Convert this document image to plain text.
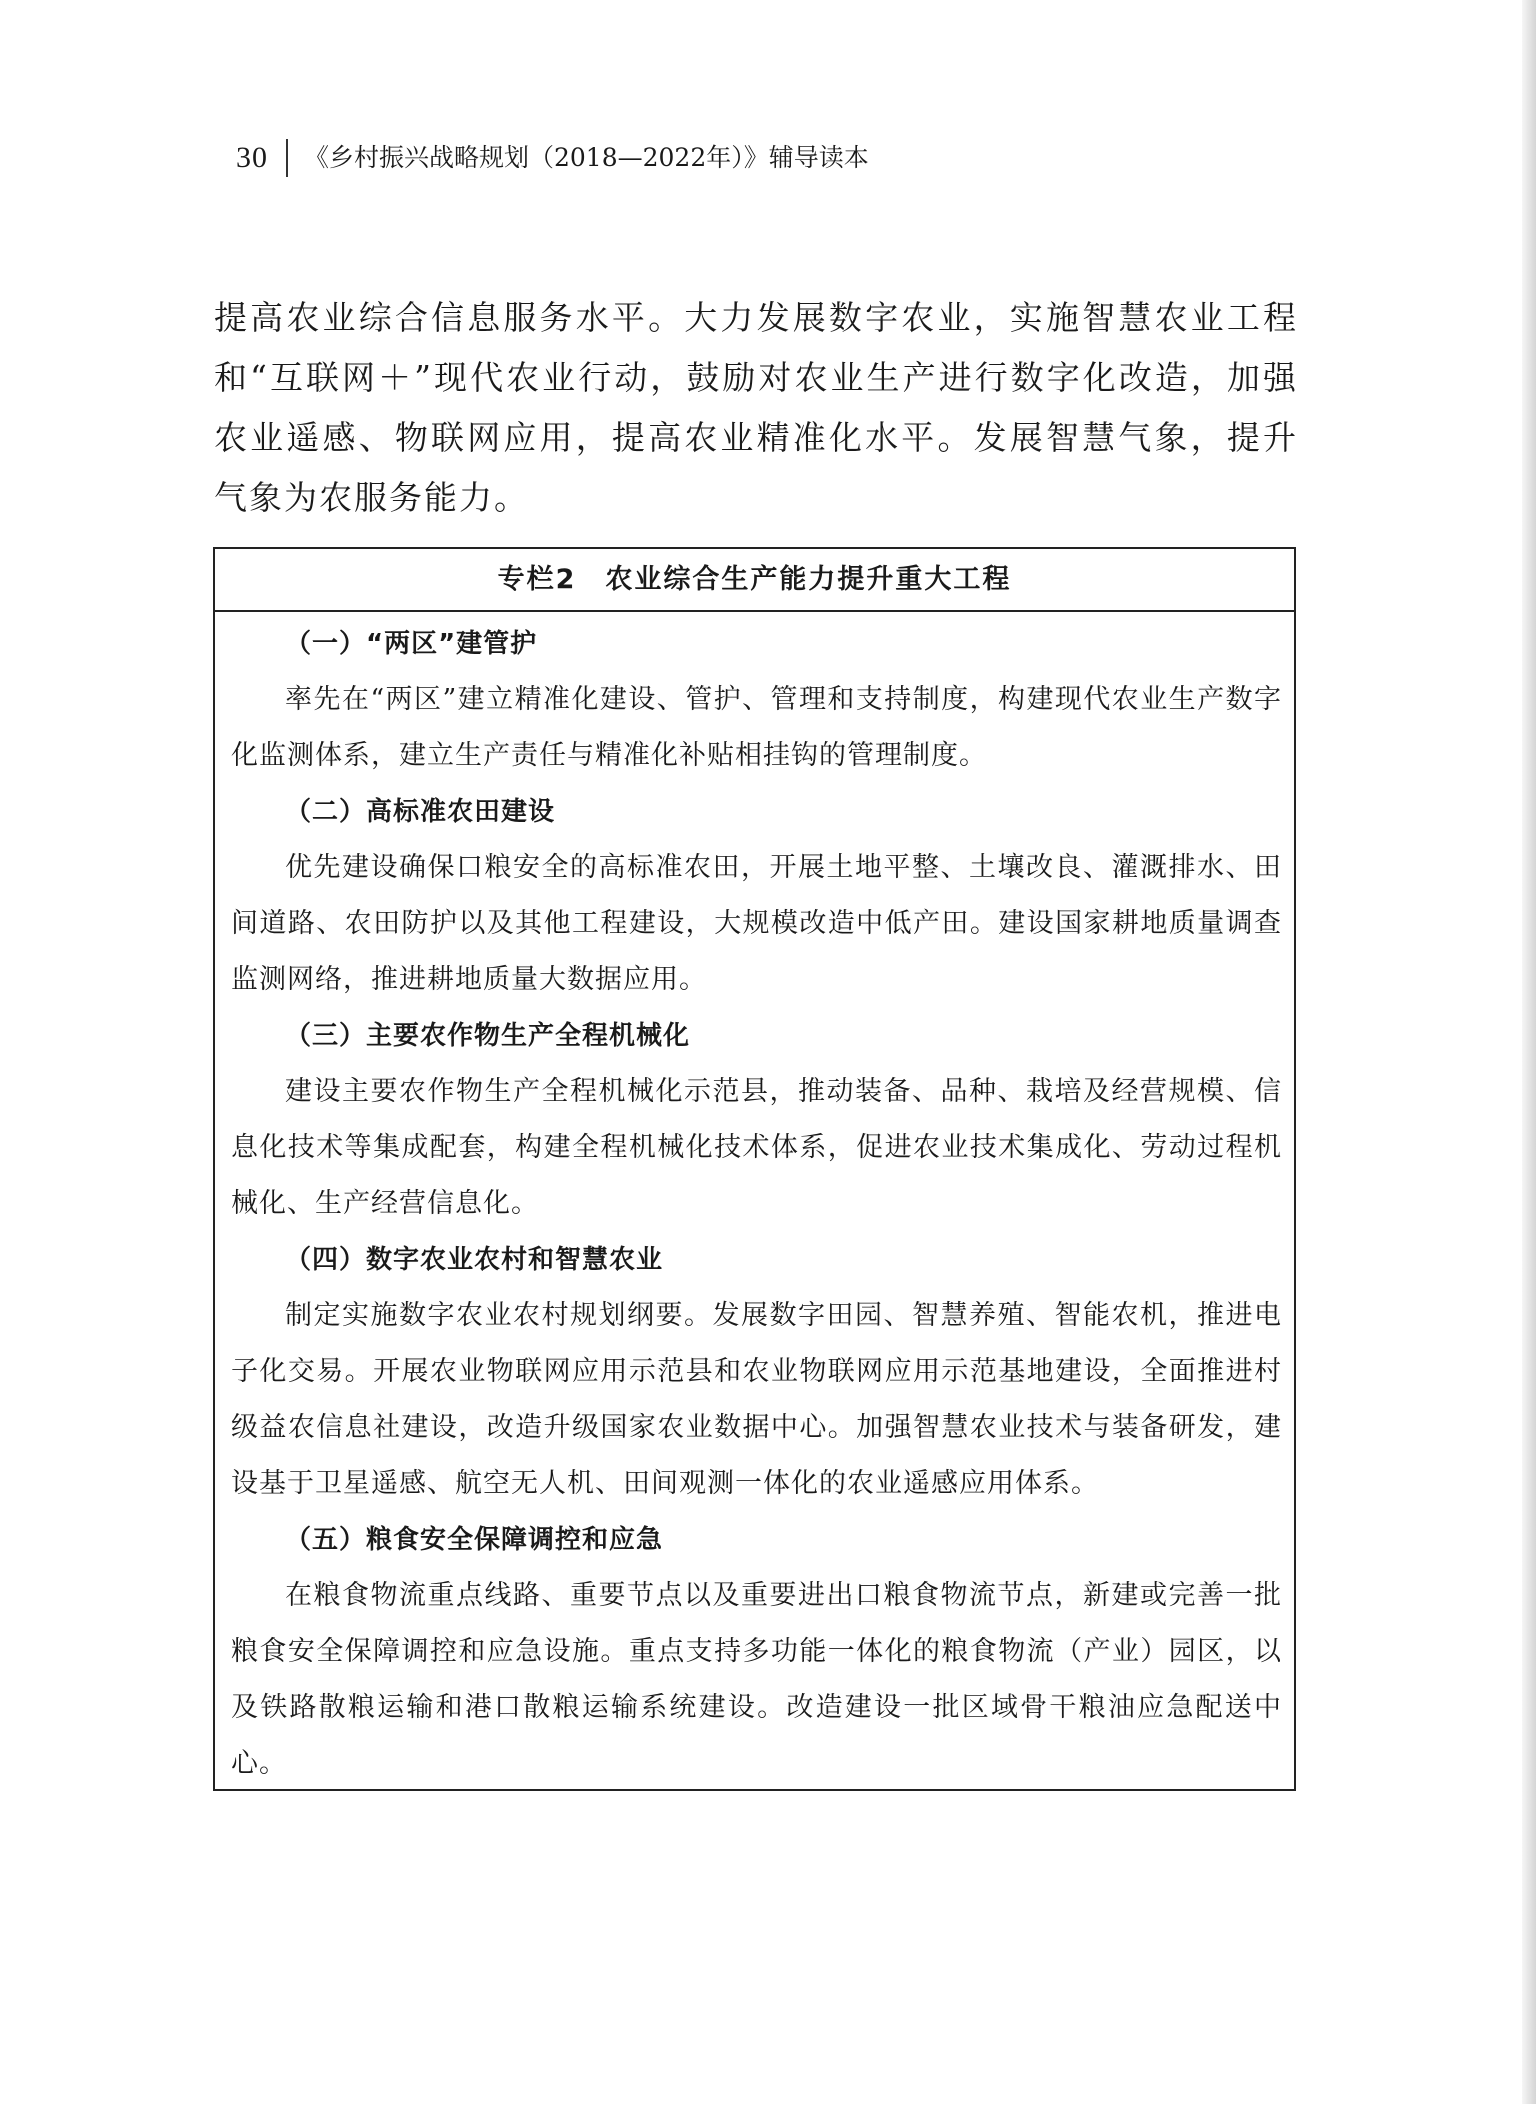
30 《乡村振兴战略规划（2018—2022年）》辅导读本

提高农业综合信息服务水平。大力发展数字农业，实施智慧农业工程和“互联网＋”现代农业行动，鼓励对农业生产进行数字化改造，加强农业遥感、物联网应用，提高农业精准化水平。发展智慧气象，提升气象为农服务能力。

专栏2　农业综合生产能力提升重大工程
（一）“两区”建管护

率先在“两区”建立精准化建设、管护、管理和支持制度，构建现代农业生产数字化监测体系，建立生产责任与精准化补贴相挂钩的管理制度。

（二）高标准农田建设

优先建设确保口粮安全的高标准农田，开展土地平整、土壤改良、灌溉排水、田间道路、农田防护以及其他工程建设，大规模改造中低产田。建设国家耕地质量调查监测网络，推进耕地质量大数据应用。

（三）主要农作物生产全程机械化

建设主要农作物生产全程机械化示范县，推动装备、品种、栽培及经营规模、信息化技术等集成配套，构建全程机械化技术体系，促进农业技术集成化、劳动过程机械化、生产经营信息化。

（四）数字农业农村和智慧农业

制定实施数字农业农村规划纲要。发展数字田园、智慧养殖、智能农机，推进电子化交易。开展农业物联网应用示范县和农业物联网应用示范基地建设，全面推进村级益农信息社建设，改造升级国家农业数据中心。加强智慧农业技术与装备研发，建设基于卫星遥感、航空无人机、田间观测一体化的农业遥感应用体系。

（五）粮食安全保障调控和应急

在粮食物流重点线路、重要节点以及重要进出口粮食物流节点，新建或完善一批粮食安全保障调控和应急设施。重点支持多功能一体化的粮食物流（产业）园区，以及铁路散粮运输和港口散粮运输系统建设。改造建设一批区域骨干粮油应急配送中心。
